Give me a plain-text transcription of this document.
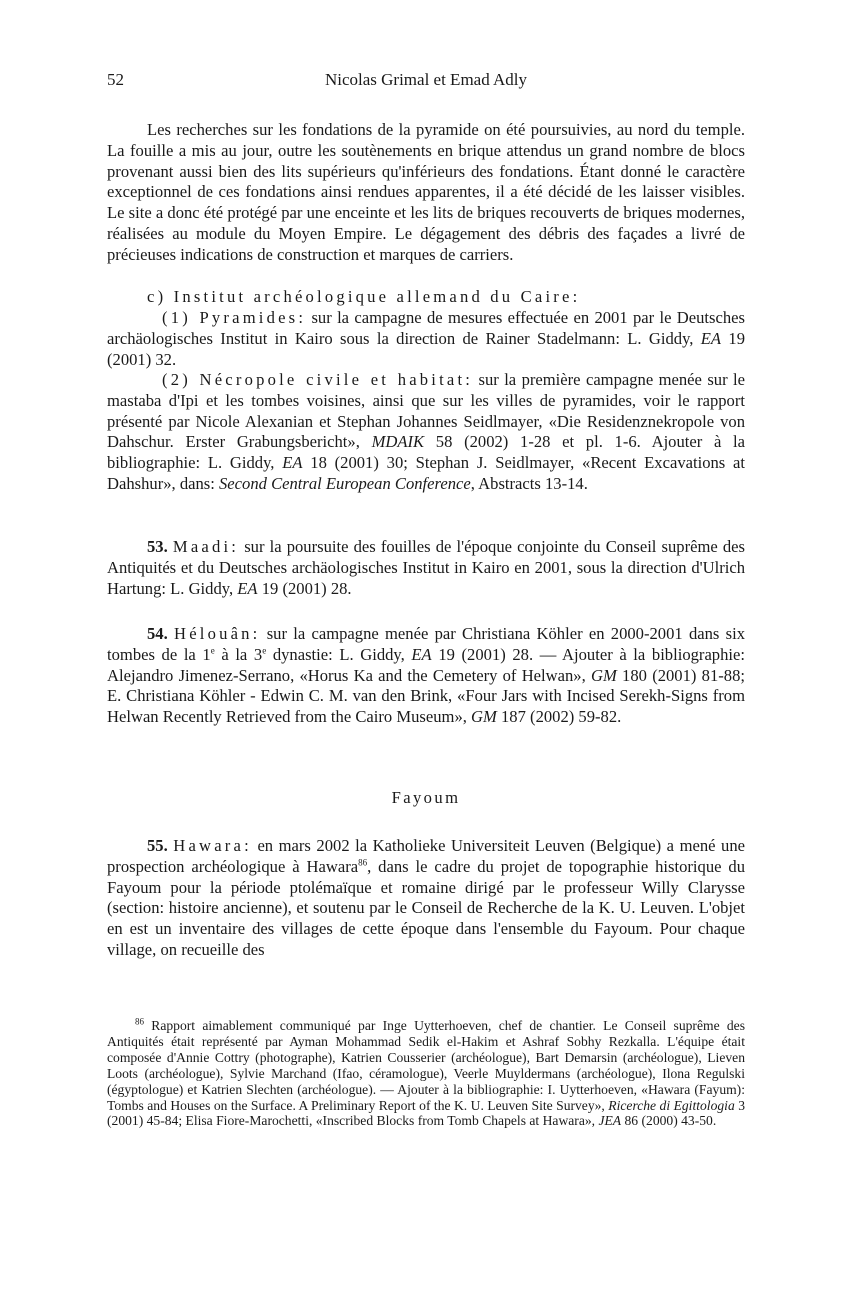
52	Nicolas Grimal et Emad Adly

Les recherches sur les fondations de la pyramide on été poursuivies, au nord du temple. La fouille a mis au jour, outre les soutènements en brique attendus un grand nombre de blocs provenant aussi bien des lits supérieurs qu'inférieurs des fondations. Étant donné le caractère exceptionnel de ces fondations ainsi rendues apparentes, il a été décidé de les laisser visibles. Le site a donc été protégé par une enceinte et les lits de briques recouverts de briques modernes, réalisées au module du Moyen Empire. Le dégagement des débris des façades a livré de précieuses indications de construction et marques de carriers.

c) Institut archéologique allemand du Caire:

(1) Pyramides: sur la campagne de mesures effectuée en 2001 par le Deutsches archäologisches Institut in Kairo sous la direction de Rainer Stadelmann: L. Giddy, EA 19 (2001) 32.

(2) Nécropole civile et habitat: sur la première campagne menée sur le mastaba d'Ipi et les tombes voisines, ainsi que sur les villes de pyramides, voir le rapport présenté par Nicole Alexanian et Stephan Johannes Seidlmayer, «Die Residenznekropole von Dahschur. Erster Grabungsbericht», MDAIK 58 (2002) 1-28 et pl. 1-6. Ajouter à la bibliographie: L. Giddy, EA 18 (2001) 30; Stephan J. Seidlmayer, «Recent Excavations at Dahshur», dans: Second Central European Conference, Abstracts 13-14.

53. Maadi: sur la poursuite des fouilles de l'époque conjointe du Conseil suprême des Antiquités et du Deutsches archäologisches Institut in Kairo en 2001, sous la direction d'Ulrich Hartung: L. Giddy, EA 19 (2001) 28.

54. Hélouân: sur la campagne menée par Christiana Köhler en 2000-2001 dans six tombes de la 1e à la 3e dynastie: L. Giddy, EA 19 (2001) 28. — Ajouter à la bibliographie: Alejandro Jimenez-Serrano, «Horus Ka and the Cemetery of Helwan», GM 180 (2001) 81-88; E. Christiana Köhler - Edwin C. M. van den Brink, «Four Jars with Incised Serekh-Signs from Helwan Recently Retrieved from the Cairo Museum», GM 187 (2002) 59-82.

Fayoum

55. Hawara: en mars 2002 la Katholieke Universiteit Leuven (Belgique) a mené une prospection archéologique à Hawara$^{86}$, dans le cadre du projet de topographie historique du Fayoum pour la période ptolémaïque et romaine dirigé par le professeur Willy Clarysse (section: histoire ancienne), et soutenu par le Conseil de Recherche de la K. U. Leuven. L'objet en est un inventaire des villages de cette époque dans l'ensemble du Fayoum. Pour chaque village, on recueille des

$^{86}$ Rapport aimablement communiqué par Inge Uytterhoeven, chef de chantier. Le Conseil suprême des Antiquités était représenté par Ayman Mohammad Sedik el-Hakim et Ashraf Sobhy Rezkalla. L'équipe était composée d'Annie Cottry (photographe), Katrien Cousserier (archéologue), Bart Demarsin (archéologue), Lieven Loots (archéologue), Sylvie Marchand (Ifao, céramologue), Veerle Muyldermans (archéologue), Ilona Regulski (égyptologue) et Katrien Slechten (archéologue). — Ajouter à la bibliographie: I. Uytterhoeven, «Hawara (Fayum): Tombs and Houses on the Surface. A Preliminary Report of the K. U. Leuven Site Survey», Ricerche di Egittologia 3 (2001) 45-84; Elisa Fiore-Marochetti, «Inscribed Blocks from Tomb Chapels at Hawara», JEA 86 (2000) 43-50.
